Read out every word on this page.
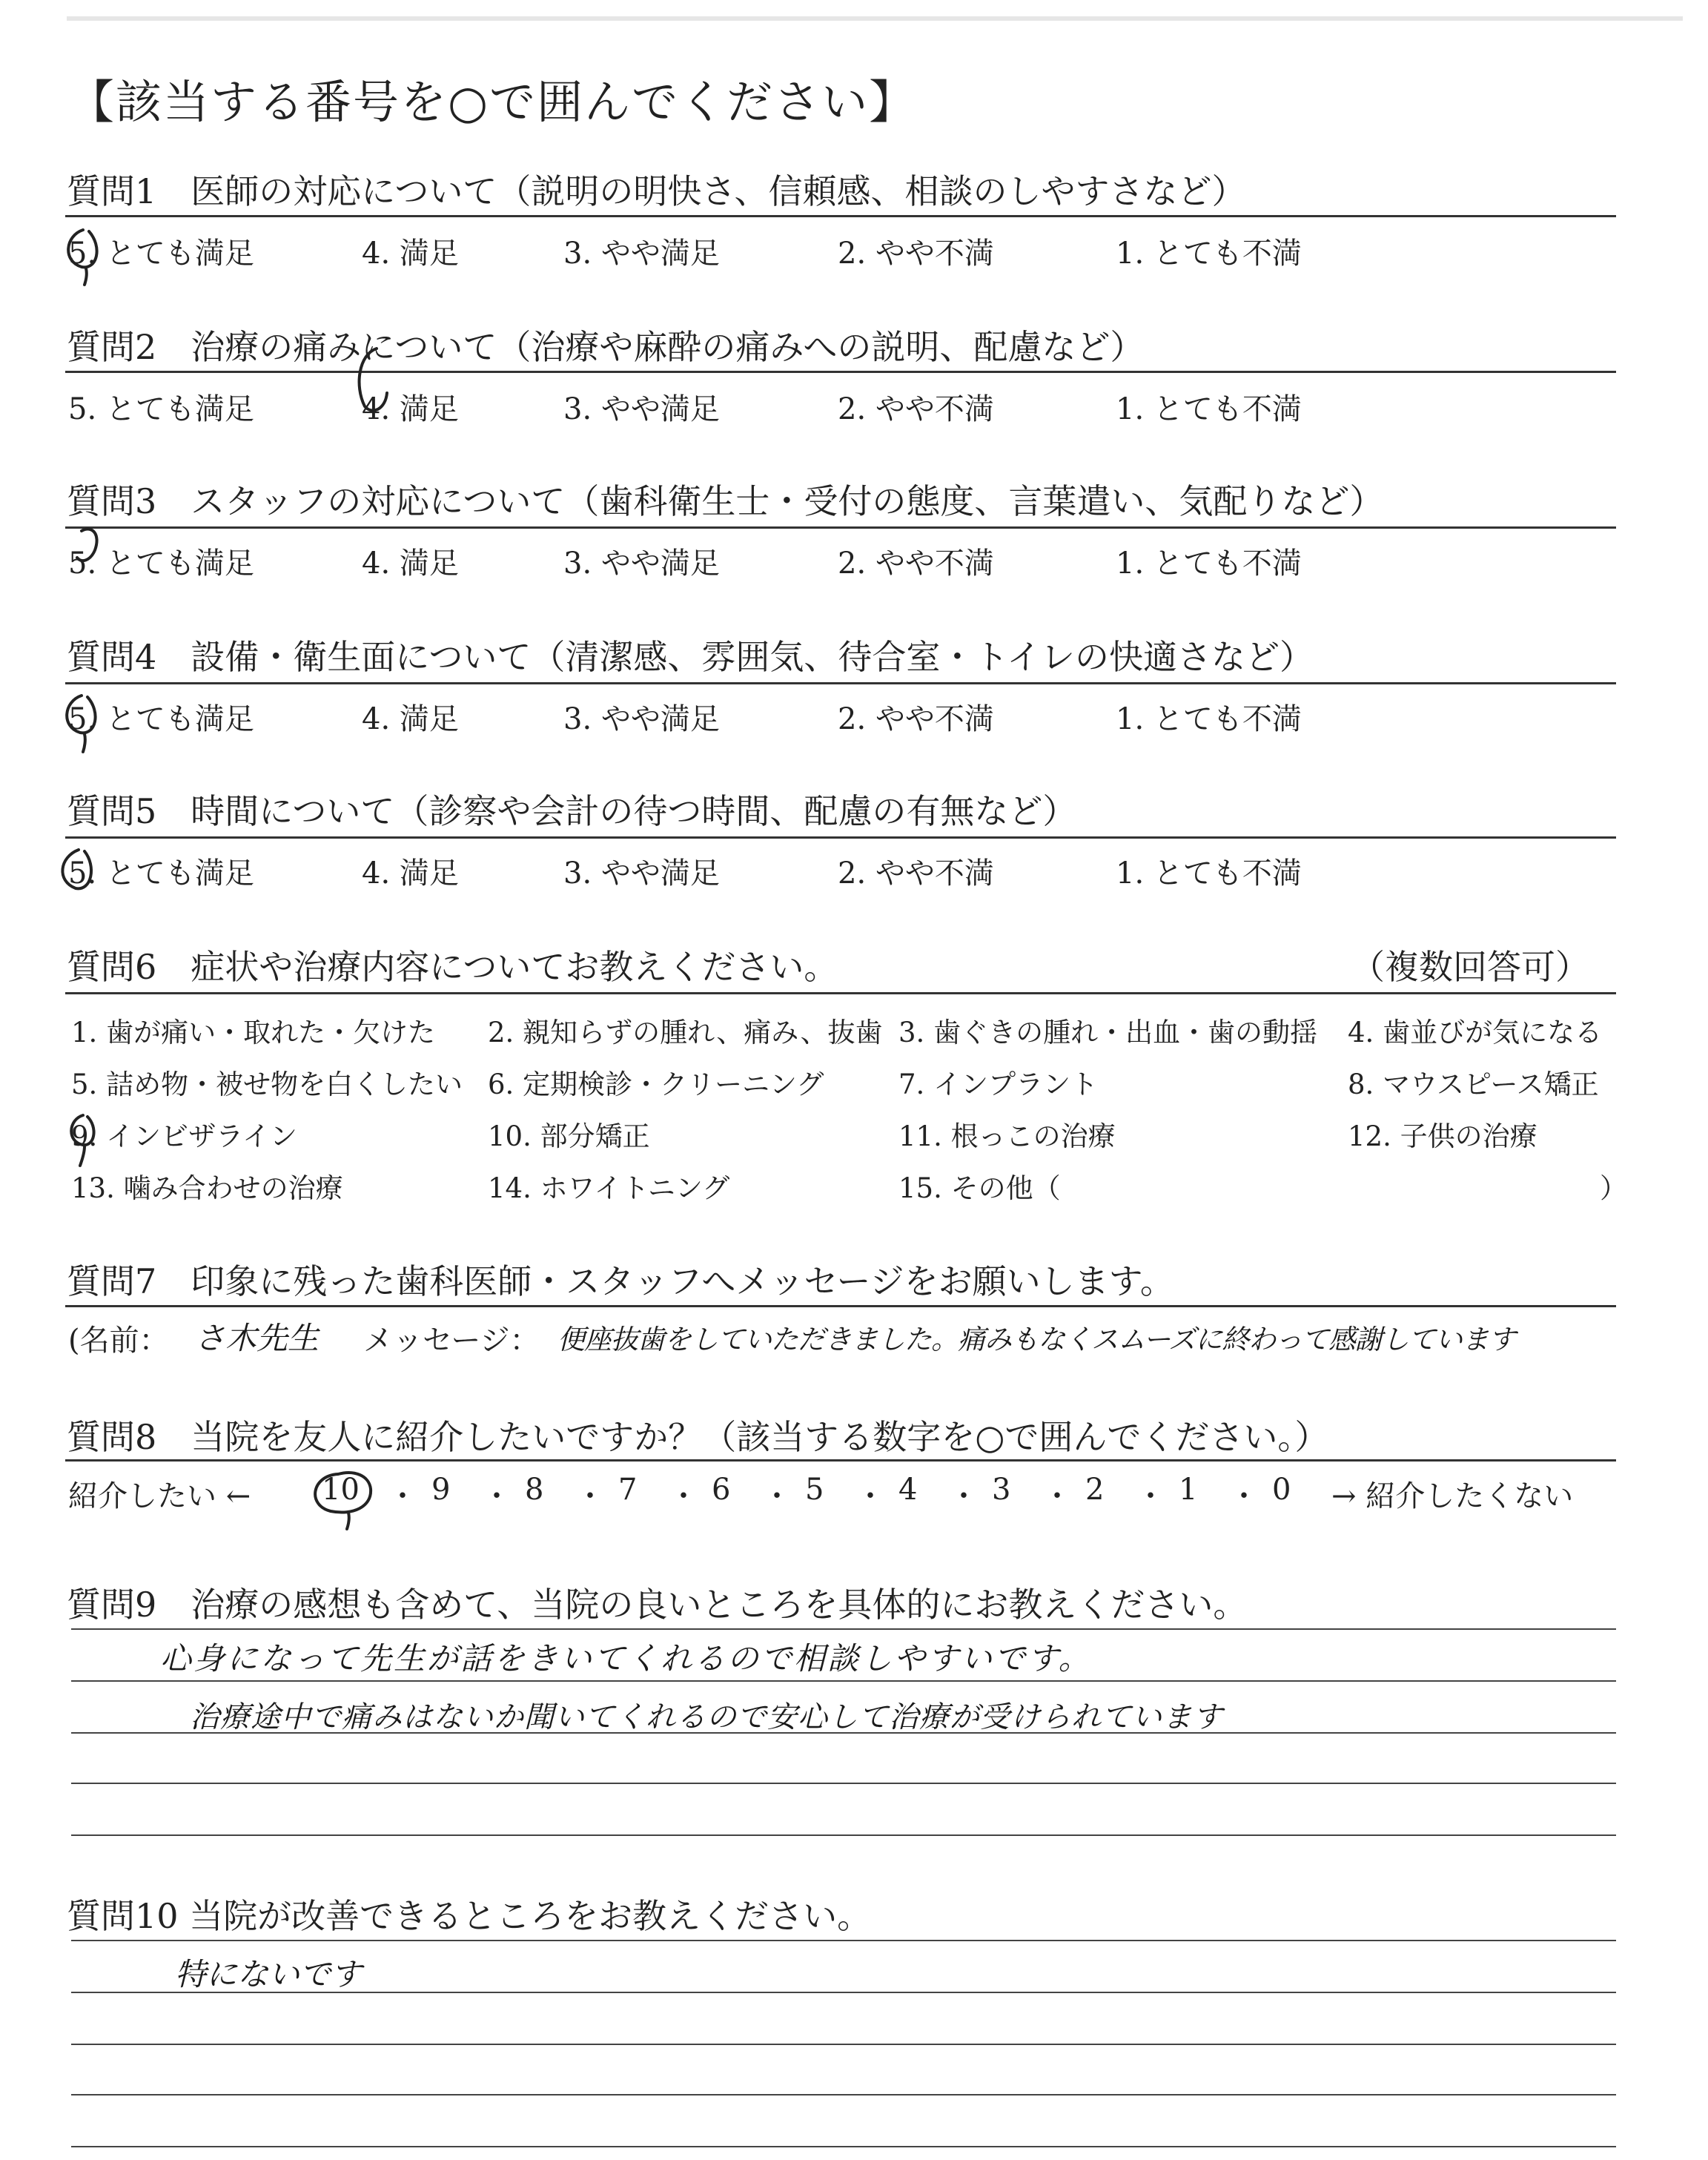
【該当する番号を○で囲んでください】
質問1　医師の対応について（説明の明快さ、信頼感、相談のしやすさなど）
5. とても満足	4. 満足	3. やや満足	2. やや不満	1. とても不満
質問2　治療の痛みについて（治療や麻酔の痛みへの説明、配慮など）
5. とても満足	4. 満足	3. やや満足	2. やや不満	1. とても不満
質問3　スタッフの対応について（歯科衛生士・受付の態度、言葉遣い、気配りなど）
5. とても満足	4. 満足	3. やや満足	2. やや不満	1. とても不満
質問4　設備・衛生面について（清潔感、雰囲気、待合室・トイレの快適さなど）
5. とても満足	4. 満足	3. やや満足	2. やや不満	1. とても不満
質問5　時間について（診察や会計の待つ時間、配慮の有無など）
5. とても満足	4. 満足	3. やや満足	2. やや不満	1. とても不満
質問6　症状や治療内容についてお教えください。	（複数回答可）
1. 歯が痛い・取れた・欠けた 2. 親知らずの腫れ、痛み、抜歯 3. 歯ぐきの腫れ・出血・歯の動揺 4. 歯並びが気になる
5. 詰め物・被せ物を白くしたい 6. 定期検診・クリーニング	7. インプラント	8. マウスピース矯正
9. インビザライン	10. 部分矯正	11. 根っこの治療	12. 子供の治療
13. 噛み合わせの治療	14. ホワイトニング	15. その他（	）
質問7　印象に残った歯科医師・スタッフへメッセージをお願いします。
(名前： さ木先生 メッセージ： 便座抜歯をしていただきました。痛みもなくスムーズに終わって感謝しています
質問8　当院を友人に紹介したいですか？（該当する数字を○で囲んでください。）
紹介したい ← 10 ・ 9 ・ 8 ・ 7 ・ 6 ・ 5 ・ 4 ・ 3 ・ 2 ・ 1 ・ 0 → 紹介したくない
質問9　治療の感想も含めて、当院の良いところを具体的にお教えください。
心身になって先生が話をきいてくれるので相談しやすいです。
治療途中で痛みはないか聞いてくれるので安心して治療が受けられています
質問10 当院が改善できるところをお教えください。
特にないです
